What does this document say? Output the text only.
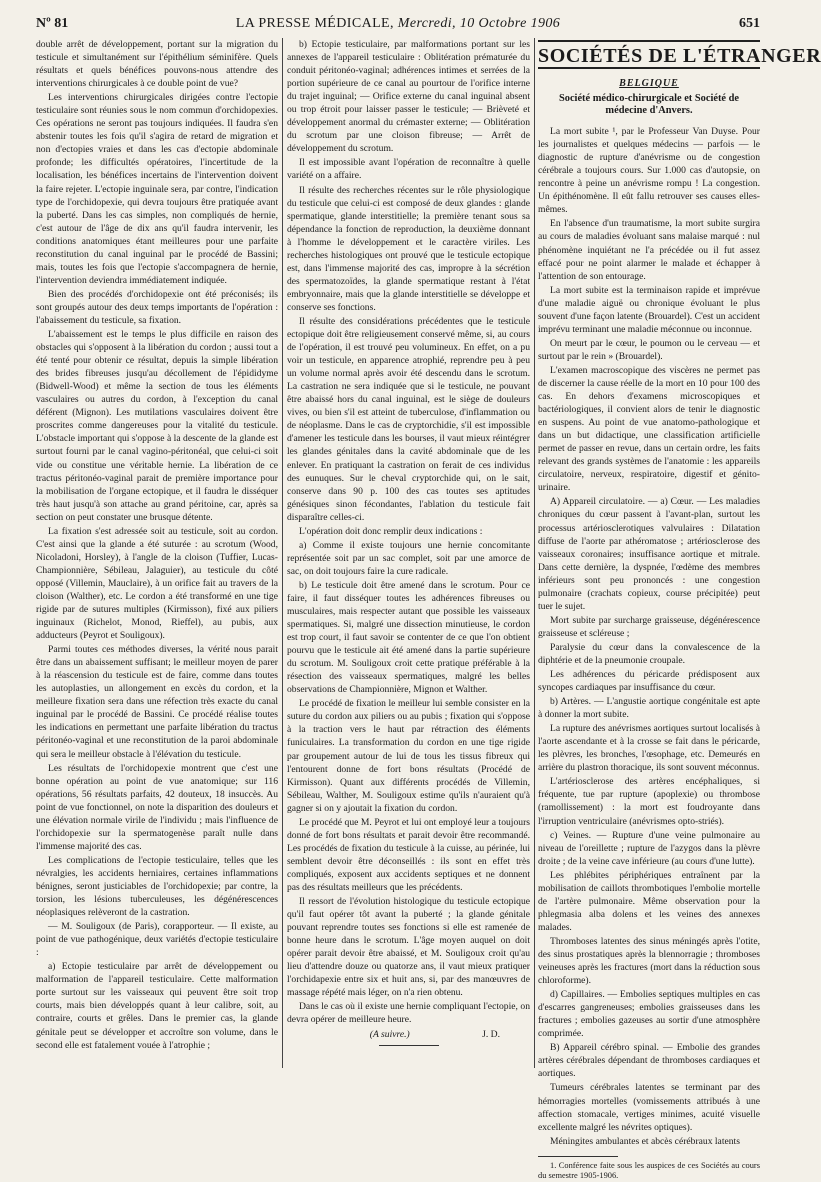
Nº 81	LA PRESSE MÉDICALE, Mercredi, 10 Octobre 1906	651

double arrêt de développement, portant sur la migration du testicule et simultanément sur l'épithélium séminifère. Quels résultats et quels bénéfices pouvons-nous attendre des interventions chirurgicales à ce double point de vue?

Les interventions chirurgicales dirigées contre l'ectopie testiculaire sont réunies sous le nom commun d'orchidopexies. Ces opérations ne seront pas toujours indiquées. Il faudra s'en abstenir toutes les fois qu'il s'agira de retard de migration et non d'ectopies vraies et dans les cas d'ectopie abdominale profonde; les difficultés opératoires, l'incertitude de la localisation, les bénéfices incertains de l'intervention doivent la faire rejeter. L'ectopie inguinale sera, par contre, l'indication type de l'orchidopexie, qui devra toujours être pratiquée avant la puberté. Dans les cas simples, non compliqués de hernie, c'est autour de l'âge de dix ans qu'il faudra intervenir, les conditions anatomiques étant meilleures pour une parfaite reconstitution du canal inguinal par le procédé de Bassini; mais, toutes les fois que l'ectopie s'accompagnera de hernie, l'intervention deviendra immédiatement indiquée.

Bien des procédés d'orchidopexie ont été préconisés; ils sont groupés autour des deux temps importants de l'opération : l'abaissement du testicule, sa fixation.

L'abaissement est le temps le plus difficile en raison des obstacles qui s'opposent à la libération du cordon ; aussi tout a été tenté pour obtenir ce résultat, depuis la simple libération des brides fibreuses jusqu'au décollement de l'épididyme (Bidwell-Wood) et même la section de tous les éléments vasculaires ou autres du cordon, à l'exception du canal déférent (Mignon). Les mutilations vasculaires doivent être proscrites comme dangereuses pour la vitalité du testicule. L'obstacle important qui s'oppose à la descente de la glande est surtout fourni par le canal vagino-péritonéal, que celui-ci soit vide ou constitue une véritable hernie. La libération de ce tractus péritonéo-vaginal parait de première importance pour la mobilisation de l'organe ectopique, et il faudra le disséquer très haut jusqu'à son attache au grand péritoine, car, après sa section on peut constater une brusque détente.

La fixation s'est adressée soit au testicule, soit au cordon. C'est ainsi que la glande a été suturée : au scrotum (Wood, Nicoladoni, Horsley), à l'angle de la cloison (Tuffier, Lucas-Championnière, Sébileau, Jalaguier), au testicule du côté opposé (Villemin, Mauclaire), à un orifice fait au travers de la cloison (Walther), etc. Le cordon a été transformé en une tige rigide par de sutures multiples (Kirmisson), fixé aux piliers inguinaux (Richelot, Monod, Rieffel), au pubis, aux adducteurs (Peyrot et Souligoux).

Parmi toutes ces méthodes diverses, la vérité nous parait être dans un abaissement suffisant; le meilleur moyen de parer à la réascension du testicule est de faire, comme dans toutes les autoplasties, un allongement en excès du cordon, et la meilleure fixation sera dans une réfection très exacte du canal inguinal par le procédé de Bassini. Ce procédé réalise toutes les indications en permettant une parfaite libération du tractus péritonéo-vaginal et une reconstitution de la paroi abdominale qui sera le meilleur obstacle à l'élévation du testicule.

Les résultats de l'orchidopexie montrent que c'est une bonne opération au point de vue anatomique; sur 116 opérations, 56 résultats parfaits, 42 douteux, 18 insuccès. Au point de vue fonctionnel, on note la disparition des douleurs et une élévation normale virile de l'individu ; mais l'influence de l'orchidopexie sur la spermatogenèse paraît nulle dans l'immense majorité des cas.

Les complications de l'ectopie testiculaire, telles que les névralgies, les accidents herniaires, certaines inflammations bénignes, seront justiciables de l'orchidopexie; par contre, la torsion, les lésions tuberculeuses, les dégénérescences néoplasiques relèveront de la castration.

— M. Souligoux (de Paris), corapporteur. — Il existe, au point de vue pathogénique, deux variétés d'ectopie testiculaire :

a) Ectopie testiculaire par arrêt de développement ou malformation de l'appareil testiculaire. Cette malformation porte surtout sur les vaisseaux qui peuvent être soit trop courts, mais bien développés quant à leur calibre, soit, au contraire, courts et grêles. Dans le premier cas, la glande génitale peut se développer et accroître son volume, dans le second elle est fatalement vouée à l'atrophie ;

b) Ectopie testiculaire, par malformations portant sur les annexes de l'appareil testiculaire : Oblitération prématurée du conduit péritonéo-vaginal; adhérences intimes et serrées de la portion supérieure de ce canal au pourtour de l'orifice interne du trajet inguinal; — Orifice externe du canal inguinal absent ou trop étroit pour laisser passer le testicule; — Brièveté et développement anormal du crémaster externe; — Oblitération du scrotum par une cloison fibreuse; — Arrêt de développement du scrotum.

Il est impossible avant l'opération de reconnaître à quelle variété on a affaire.

Il résulte des recherches récentes sur le rôle physiologique du testicule que celui-ci est composé de deux glandes : glande spermatique, glande interstitielle; la première tenant sous sa dépendance la fonction de reproduction, la deuxième donnant à l'homme le développement et le caractère viriles. Les recherches histologiques ont prouvé que le testicule ectopique est, dans l'immense majorité des cas, impropre à la sécrétion des spermatozoïdes, la glande spermatique restant à l'état embryonnaire, mais que la glande interstitielle se développe et conserve ses fonctions.

Il résulte des considérations précédentes que le testicule ectopique doit être religieusement conservé même, si, au cours de l'opération, il est trouvé peu volumineux. En effet, on a pu voir un testicule, en apparence atrophié, reprendre peu à peu un volume normal après avoir été descendu dans le scrotum. La castration ne sera indiquée que si le testicule, ne pouvant être abaissé hors du canal inguinal, est le siège de douleurs vives, ou bien s'il est atteint de tuberculose, d'inflammation ou de néoplasme. Dans le cas de cryptorchidie, s'il est impossible d'amener les testicule dans les bourses, il vaut mieux réintégrer les glandes génitales dans la cavité abdominale que de les enlever. En pratiquant la castration on ferait de ces individus des eunuques. Sur le cheval cryptorchide qui, on le sait, conserve dans 90 p. 100 des cas toutes ses aptitudes génésiques sinon fécondantes, l'ablation du testicule fait disparaître celles-ci.

L'opération doit donc remplir deux indications :

a) Comme il existe toujours une hernie concomitante représentée soit par un sac complet, soit par une amorce de sac, on doit toujours faire la cure radicale.

b) Le testicule doit être amené dans le scrotum. Pour ce faire, il faut disséquer toutes les adhérences fibreuses ou musculaires, mais respecter autant que possible les vaisseaux spermatiques. Si, malgré une dissection minutieuse, le cordon est trop court, il faut savoir se contenter de ce que l'on obtient pourvu que le testicule ait été amené dans la partie supérieure du scrotum. M. Souligoux croit cette pratique préférable à la résection des vaisseaux spermatiques, malgré les belles observations de Championnière, Mignon et Walther.

Le procédé de fixation le meilleur lui semble consister en la suture du cordon aux piliers ou au pubis ; fixation qui s'oppose à la traction vers le haut par rétraction des éléments funiculaires. La transformation du cordon en une tige rigide par groupement autour de lui de tous les tissus fibreux qui l'entourent donne de fort bons résultats (Procédé de Kirmisson). Quant aux différents procédés de Villemin, Sébileau, Walther, M. Souligoux estime qu'ils n'auraient qu'à gagner si on y ajoutait la fixation du cordon.

Le procédé que M. Peyrot et lui ont employé leur a toujours donné de fort bons résultats et parait devoir être recommandé. Les procédés de fixation du testicule à la cuisse, au périnée, lui semblent devoir être déconseillés : ils sont en effet très compliqués, exposent aux accidents septiques et ne donnent pas des résultats meilleurs que les précédents.

Il ressort de l'évolution histologique du testicule ectopique qu'il faut opérer tôt avant la puberté ; la glande génitale pouvant reprendre toutes ses fonctions si elle est ramenée de bonne heure dans le scrotum. L'âge moyen auquel on doit opérer parait devoir être abaissé, et M. Souligoux croit qu'au lieu d'attendre douze ou quatorze ans, il vaut mieux pratiquer l'orchidapexie entre six et huit ans, si, par des manœuvres de massage répété mais léger, on n'a rien obtenu.

Dans le cas où il existe une hernie compliquant l'ectopie, on devra opérer de meilleure heure.

(A suivre.)	J. D.

SOCIÉTÉS DE L'ÉTRANGER
BELGIQUE
Société médico-chirurgicale et Société de médecine d'Anvers.

La mort subite ¹, par le Professeur Van Duyse. Pour les journalistes et quelques médecins — parfois — le diagnostic de rupture d'anévrisme ou de congestion cérébrale a toujours cours. Sur 1.000 cas d'autopsie, on rencontre à peine un anévrisme rompu ! La congestion. Un épithénomène. Il eût fallu retrouver ses causes elles-mêmes.

En l'absence d'un traumatisme, la mort subite surgira au cours de maladies évoluant sans malaise marqué : nul phénomène inquiétant ne l'a précédée ou il fut assez effacé pour ne point alarmer le malade et échapper à l'attention de son entourage.

La mort subite est la terminaison rapide et imprévue d'une maladie aiguë ou chronique évoluant le plus souvent d'une façon latente (Brouardel). C'est un accident imprévu terminant une maladie méconnue ou inconnue.

On meurt par le cœur, le poumon ou le cerveau — et surtout par le rein » (Brouardel).

L'examen macroscopique des viscères ne permet pas de discerner la cause réelle de la mort en 10 pour 100 des cas. En dehors d'examens microscopiques et bactériologiques, il convient alors de tenir le diagnostic en suspens. Au point de vue anatomo-pathologique et dans un but didactique, une classification artificielle permet de passer en revue, dans un certain ordre, les faits relevant des grands systèmes de l'anatomie : les appareils circulatoire, nerveux, respiratoire, digestif et génito-urinaire.

A) Appareil circulatoire. — a) Cœur. — Les maladies chroniques du cœur passent à l'avant-plan, surtout les processus artériosclerotiques valvulaires : Dilatation diffuse de l'aorte par athéromatose ; artériosclerose des vaisseaux coronaires; insuffisance aortique et mitrale. Dans cette dernière, la dyspnée, l'œdème des membres inférieurs sont peu prononcés : une congestion pulmonaire (crachats copieux, course précipitée) peut tuer le sujet.

Mort subite par surcharge graisseuse, dégénérescence graisseuse et scléreuse ;

Paralysie du cœur dans la convalescence de la diphtérie et de la pneumonie croupale.

Les adhérences du péricarde prédisposent aux syncopes cardiaques par insuffisance du cœur.

b) Artères. — L'angustie aortique congénitale est apte à donner la mort subite.

La rupture des anévrismes aortiques surtout localisés à l'aorte ascendante et à la crosse se fait dans le péricarde, les plèvres, les bronches, l'œsophage, etc. Demeurés en arrière du plastron thoracique, ils sont souvent méconnus.

L'artériosclerose des artères encéphaliques, si fréquente, tue par rupture (apoplexie) ou thrombose (ramollissement) : la mort est foudroyante dans l'irruption ventriculaire (anévrismes opto-striés).

c) Veines. — Rupture d'une veine pulmonaire au niveau de l'oreillette ; rupture de l'azygos dans la plèvre droite ; de la veine cave inférieure (au cours d'une lutte).

Les phlébites périphériques entraînent par la mobilisation de caillots thrombotiques l'embolie mortelle de l'artère pulmonaire. Même observation pour la phlegmasia alba dolens et les veines des annexes malades.

Thromboses latentes des sinus méningés après l'otite, des sinus prostatiques après la blennorragie ; thromboses veineuses après les fractures (mort dans la réduction sous chloroforme).

d) Capillaires. — Embolies septiques multiples en cas d'escarres gangreneuses; embolies graisseuses dans les fractures ; embolies gazeuses au sortir d'une atmosphère comprimée.

B) Appareil cérébro spinal. — Embolie des grandes artères cérébrales dépendant de thromboses cardiaques et aortiques.

Tumeurs cérébrales latentes se terminant par des hémorragies mortelles (vomissements attribués à une affection stomacale, vertiges minimes, acuité visuelle excellente malgré les névrites optiques).

Méningites ambulantes et abcès cérébraux latents

1. Conférence faite sous les auspices de ces Sociétés au cours du semestre 1905-1906.
